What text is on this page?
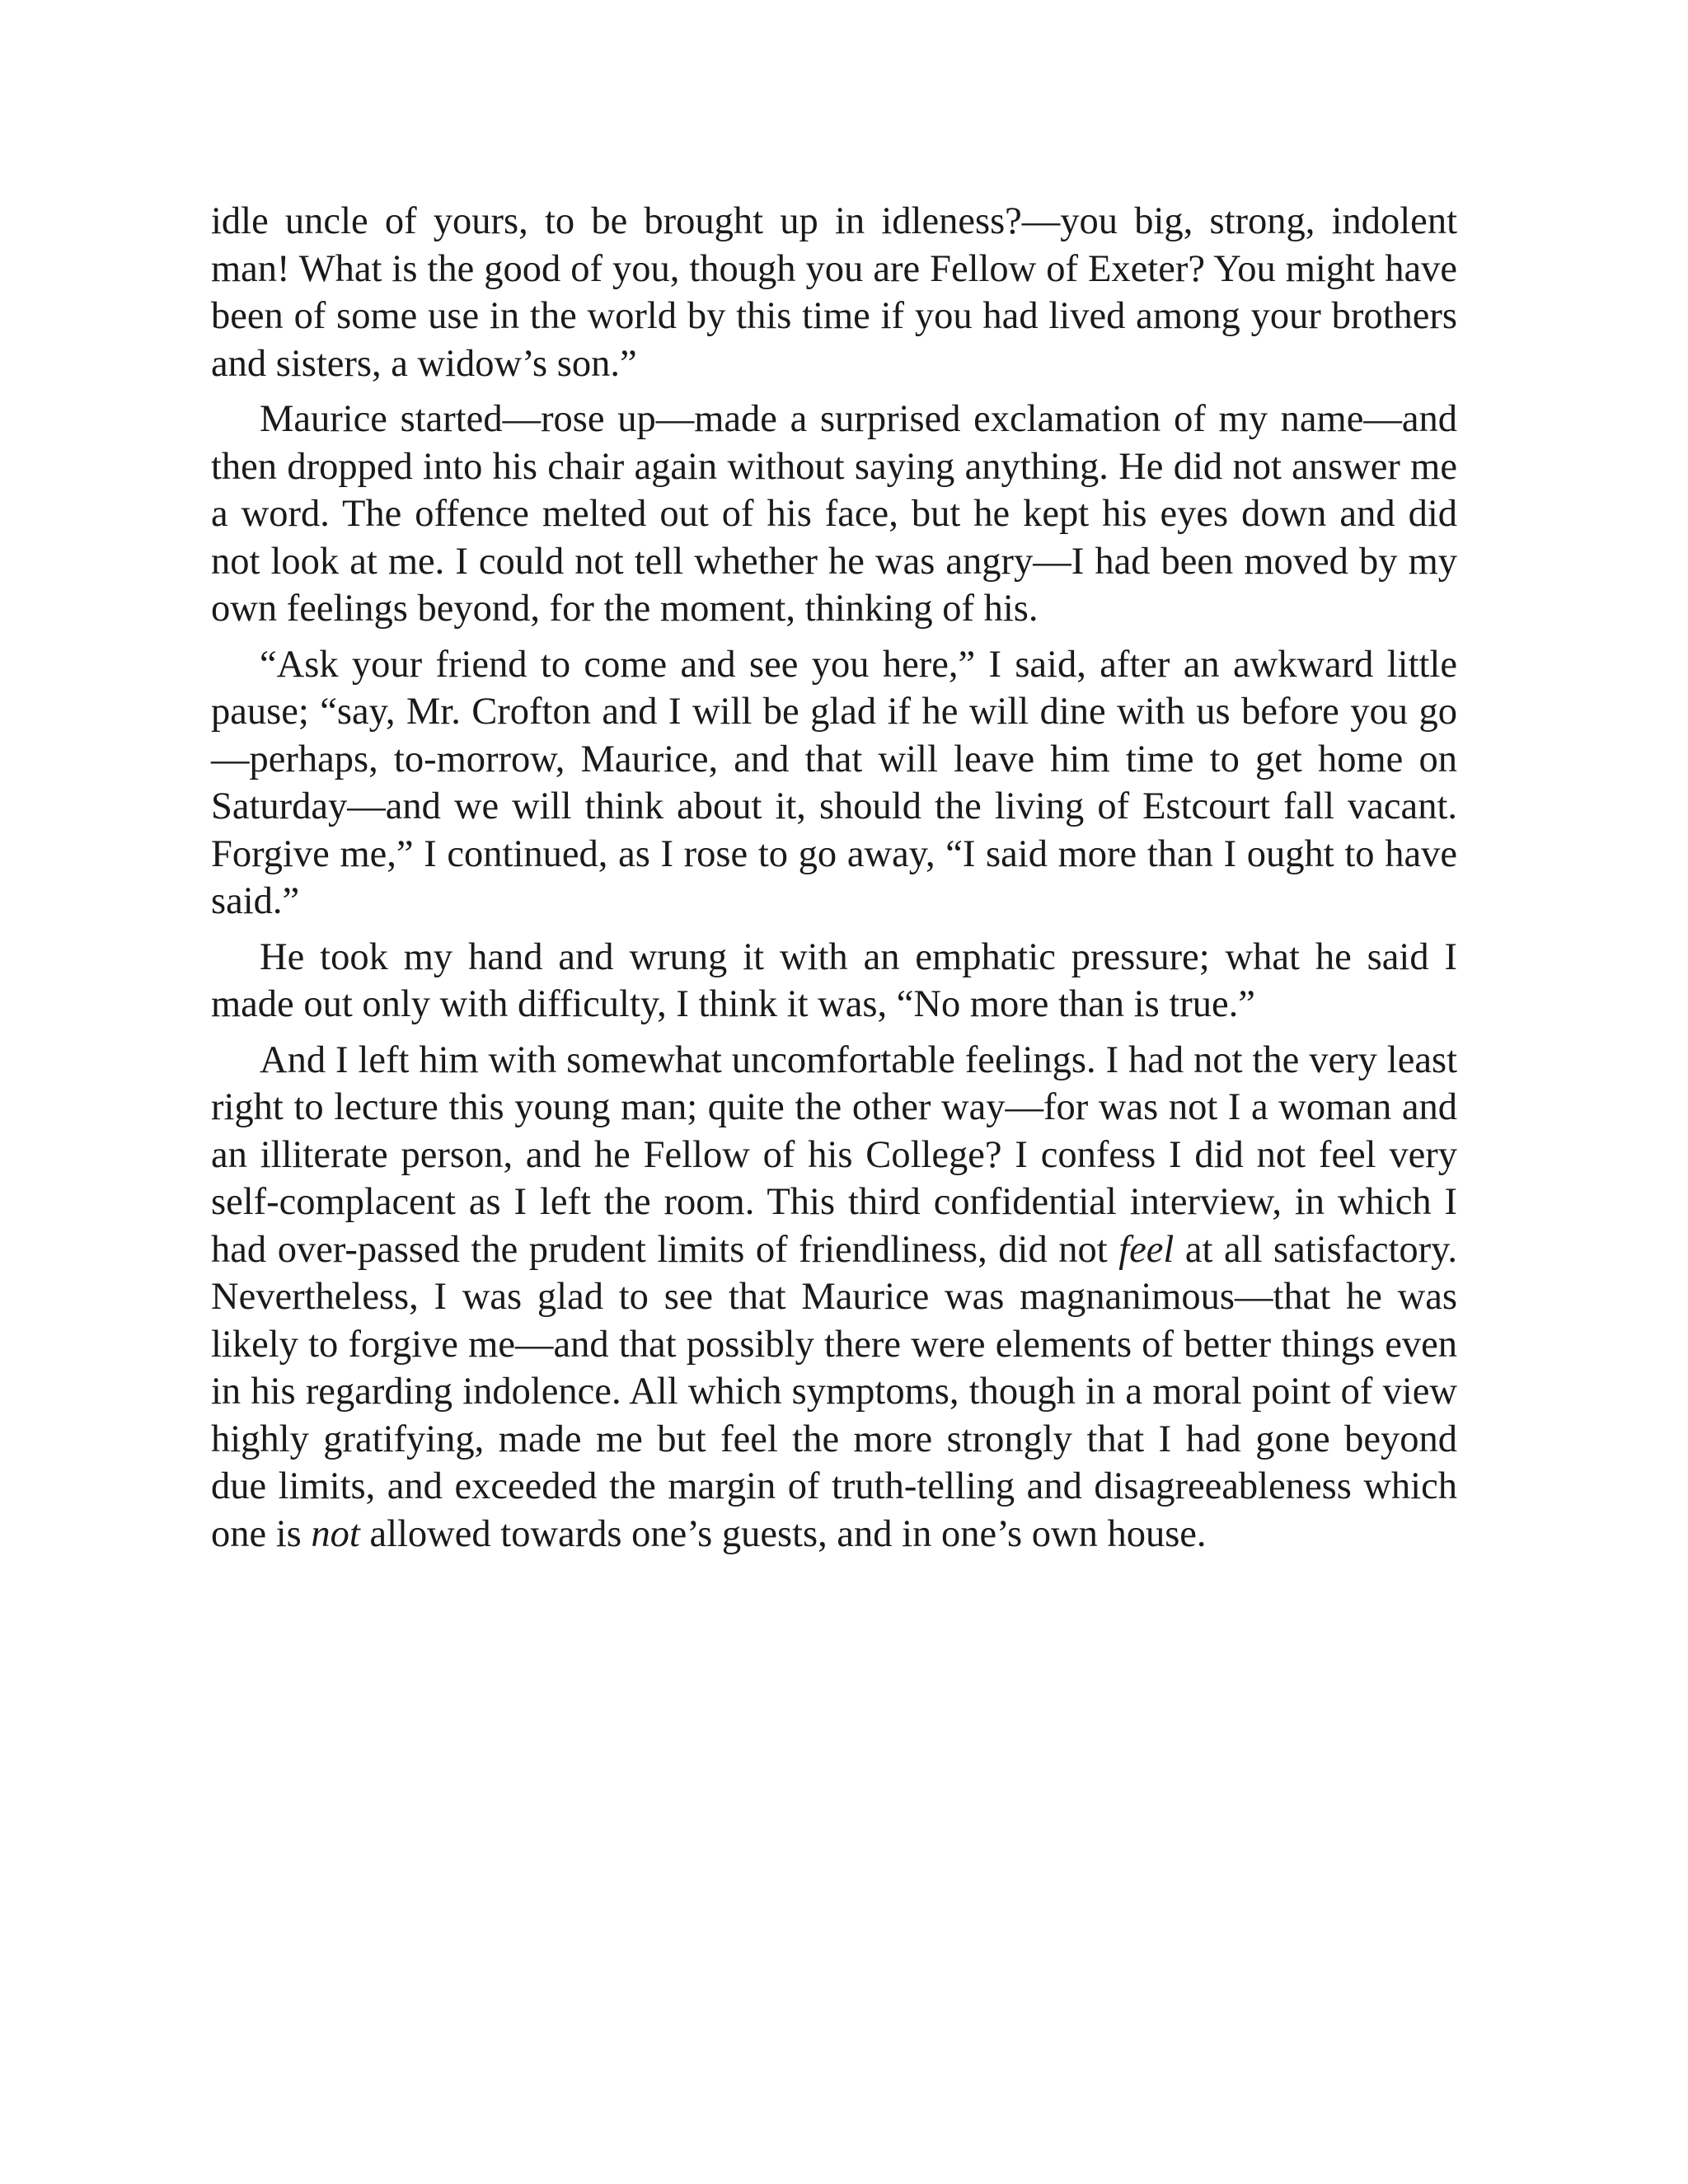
idle uncle of yours, to be brought up in idleness?—you big, strong, indolent man! What is the good of you, though you are Fellow of Exeter? You might have been of some use in the world by this time if you had lived among your brothers and sisters, a widow’s son.”

Maurice started—rose up—made a surprised exclamation of my name—and then dropped into his chair again without saying anything. He did not answer me a word. The offence melted out of his face, but he kept his eyes down and did not look at me. I could not tell whether he was angry—I had been moved by my own feelings beyond, for the moment, thinking of his.

“Ask your friend to come and see you here,” I said, after an awkward little pause; “say, Mr. Crofton and I will be glad if he will dine with us before you go—perhaps, to-morrow, Maurice, and that will leave him time to get home on Saturday—and we will think about it, should the living of Estcourt fall vacant. Forgive me,” I continued, as I rose to go away, “I said more than I ought to have said.”

He took my hand and wrung it with an emphatic pressure; what he said I made out only with difficulty, I think it was, “No more than is true.”

And I left him with somewhat uncomfortable feelings. I had not the very least right to lecture this young man; quite the other way—for was not I a woman and an illiterate person, and he Fellow of his College? I confess I did not feel very self-complacent as I left the room. This third confidential interview, in which I had over-passed the prudent limits of friendliness, did not feel at all satisfactory. Nevertheless, I was glad to see that Maurice was magnanimous—that he was likely to forgive me—and that possibly there were elements of better things even in his regarding indolence. All which symptoms, though in a moral point of view highly gratifying, made me but feel the more strongly that I had gone beyond due limits, and exceeded the margin of truth-telling and disagreeableness which one is not allowed towards one’s guests, and in one’s own house.
